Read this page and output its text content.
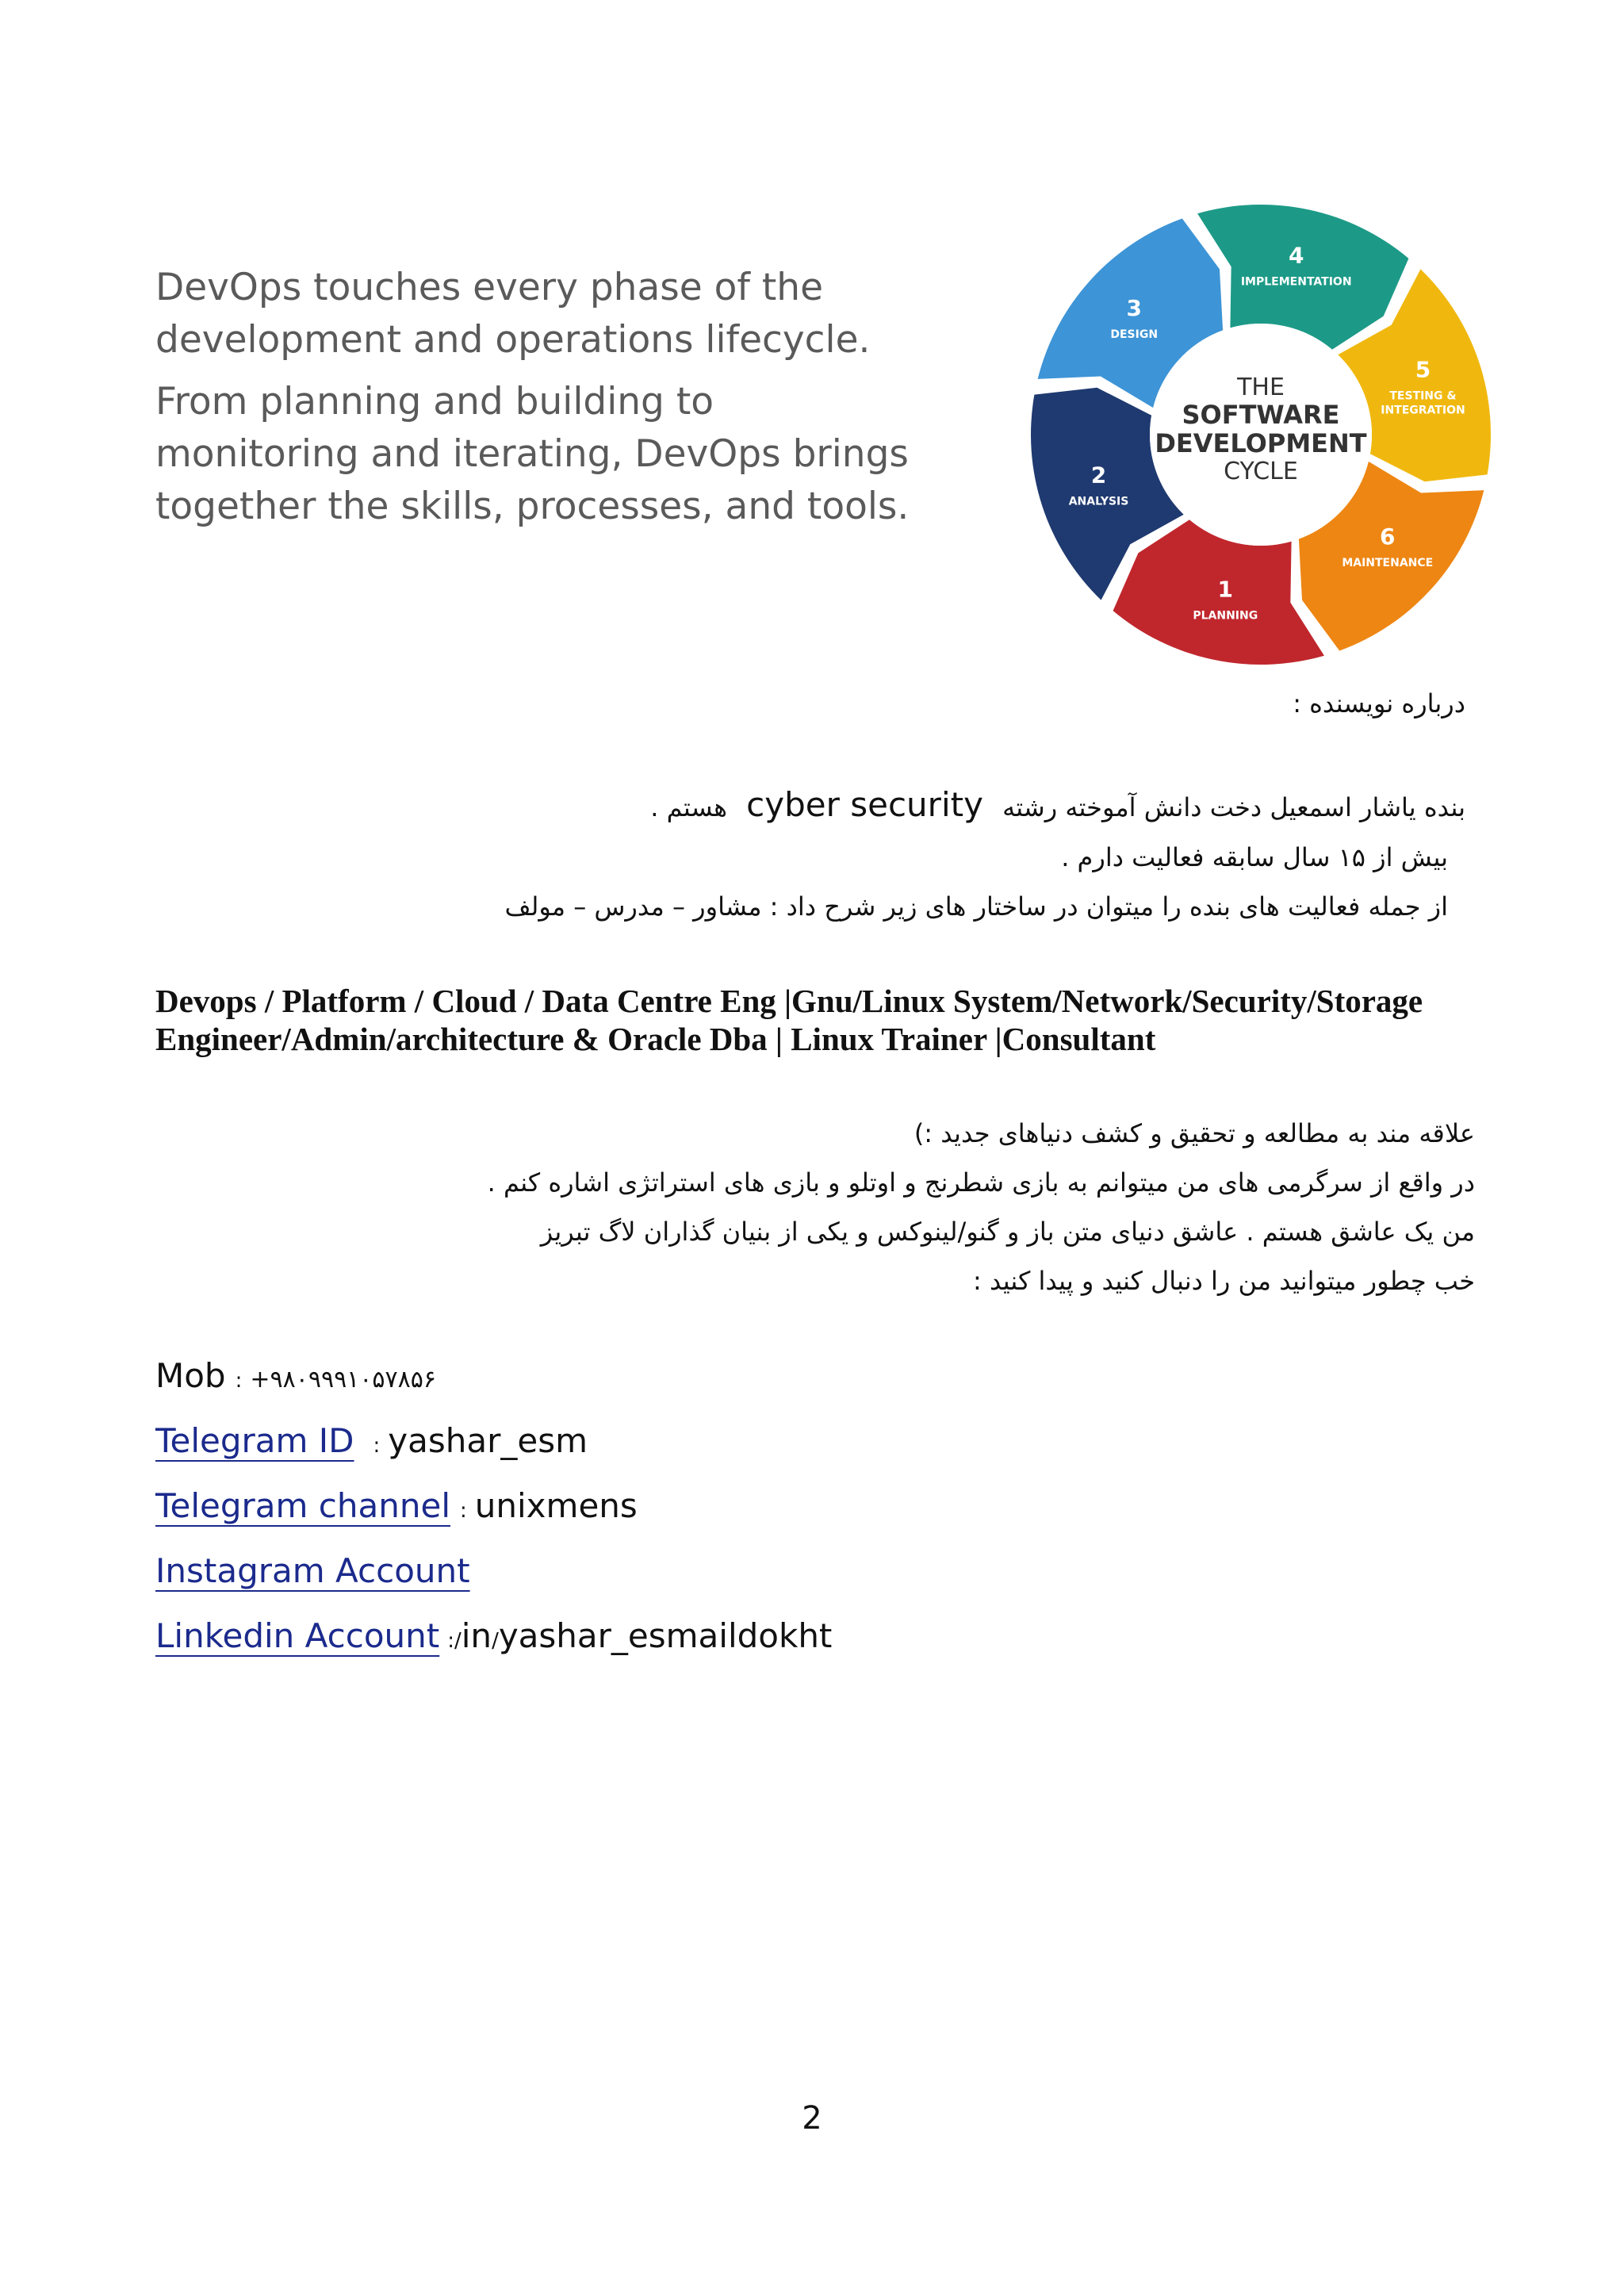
DevOps touches every phase of the
development and operations lifecycle.
From planning and building to
monitoring and iterating, DevOps brings
together the skills, processes, and tools.
1
PLANNING
2
ANALYSIS
3
DESIGN
4
IMPLEMENTATION
5
TESTING &
INTEGRATION
6
MAINTENANCE
THE
SOFTWARE
DEVELOPMENT
CYCLE
درباره نویسنده :
بنده یاشار اسمعیل دخت دانش آموخته رشته cyber security هستم .
بیش از ۱۵ سال سابقه فعالیت دارم .
از جمله فعالیت های بنده را میتوان در ساختار های زیر شرح داد : مشاور – مدرس – مولف
Devops / Platform / Cloud / Data Centre Eng |Gnu/Linux System/Network/Security/Storage
Engineer/Admin/architecture & Oracle Dba | Linux Trainer |Consultant
علاقه مند به مطالعه و تحقیق و کشف دنیاهای جدید :)
در واقع از سرگرمی های من میتوانم به بازی شطرنج و اوتلو و بازی های استراتژی اشاره کنم .
من یک عاشق هستم . عاشق دنیای متن باز و گنو/لینوکس و یکی از بنیان گذاران لاگ تبریز
خب چطور میتوانید من را دنبال کنید و پیدا کنید :
Mob : +۹۸۰۹۹۹۱۰۵۷۸۵۶
Telegram ID : yashar_esm
Telegram channel : unixmens
Instagram Account
Linkedin Account :/in/yashar_esmaildokht
2
